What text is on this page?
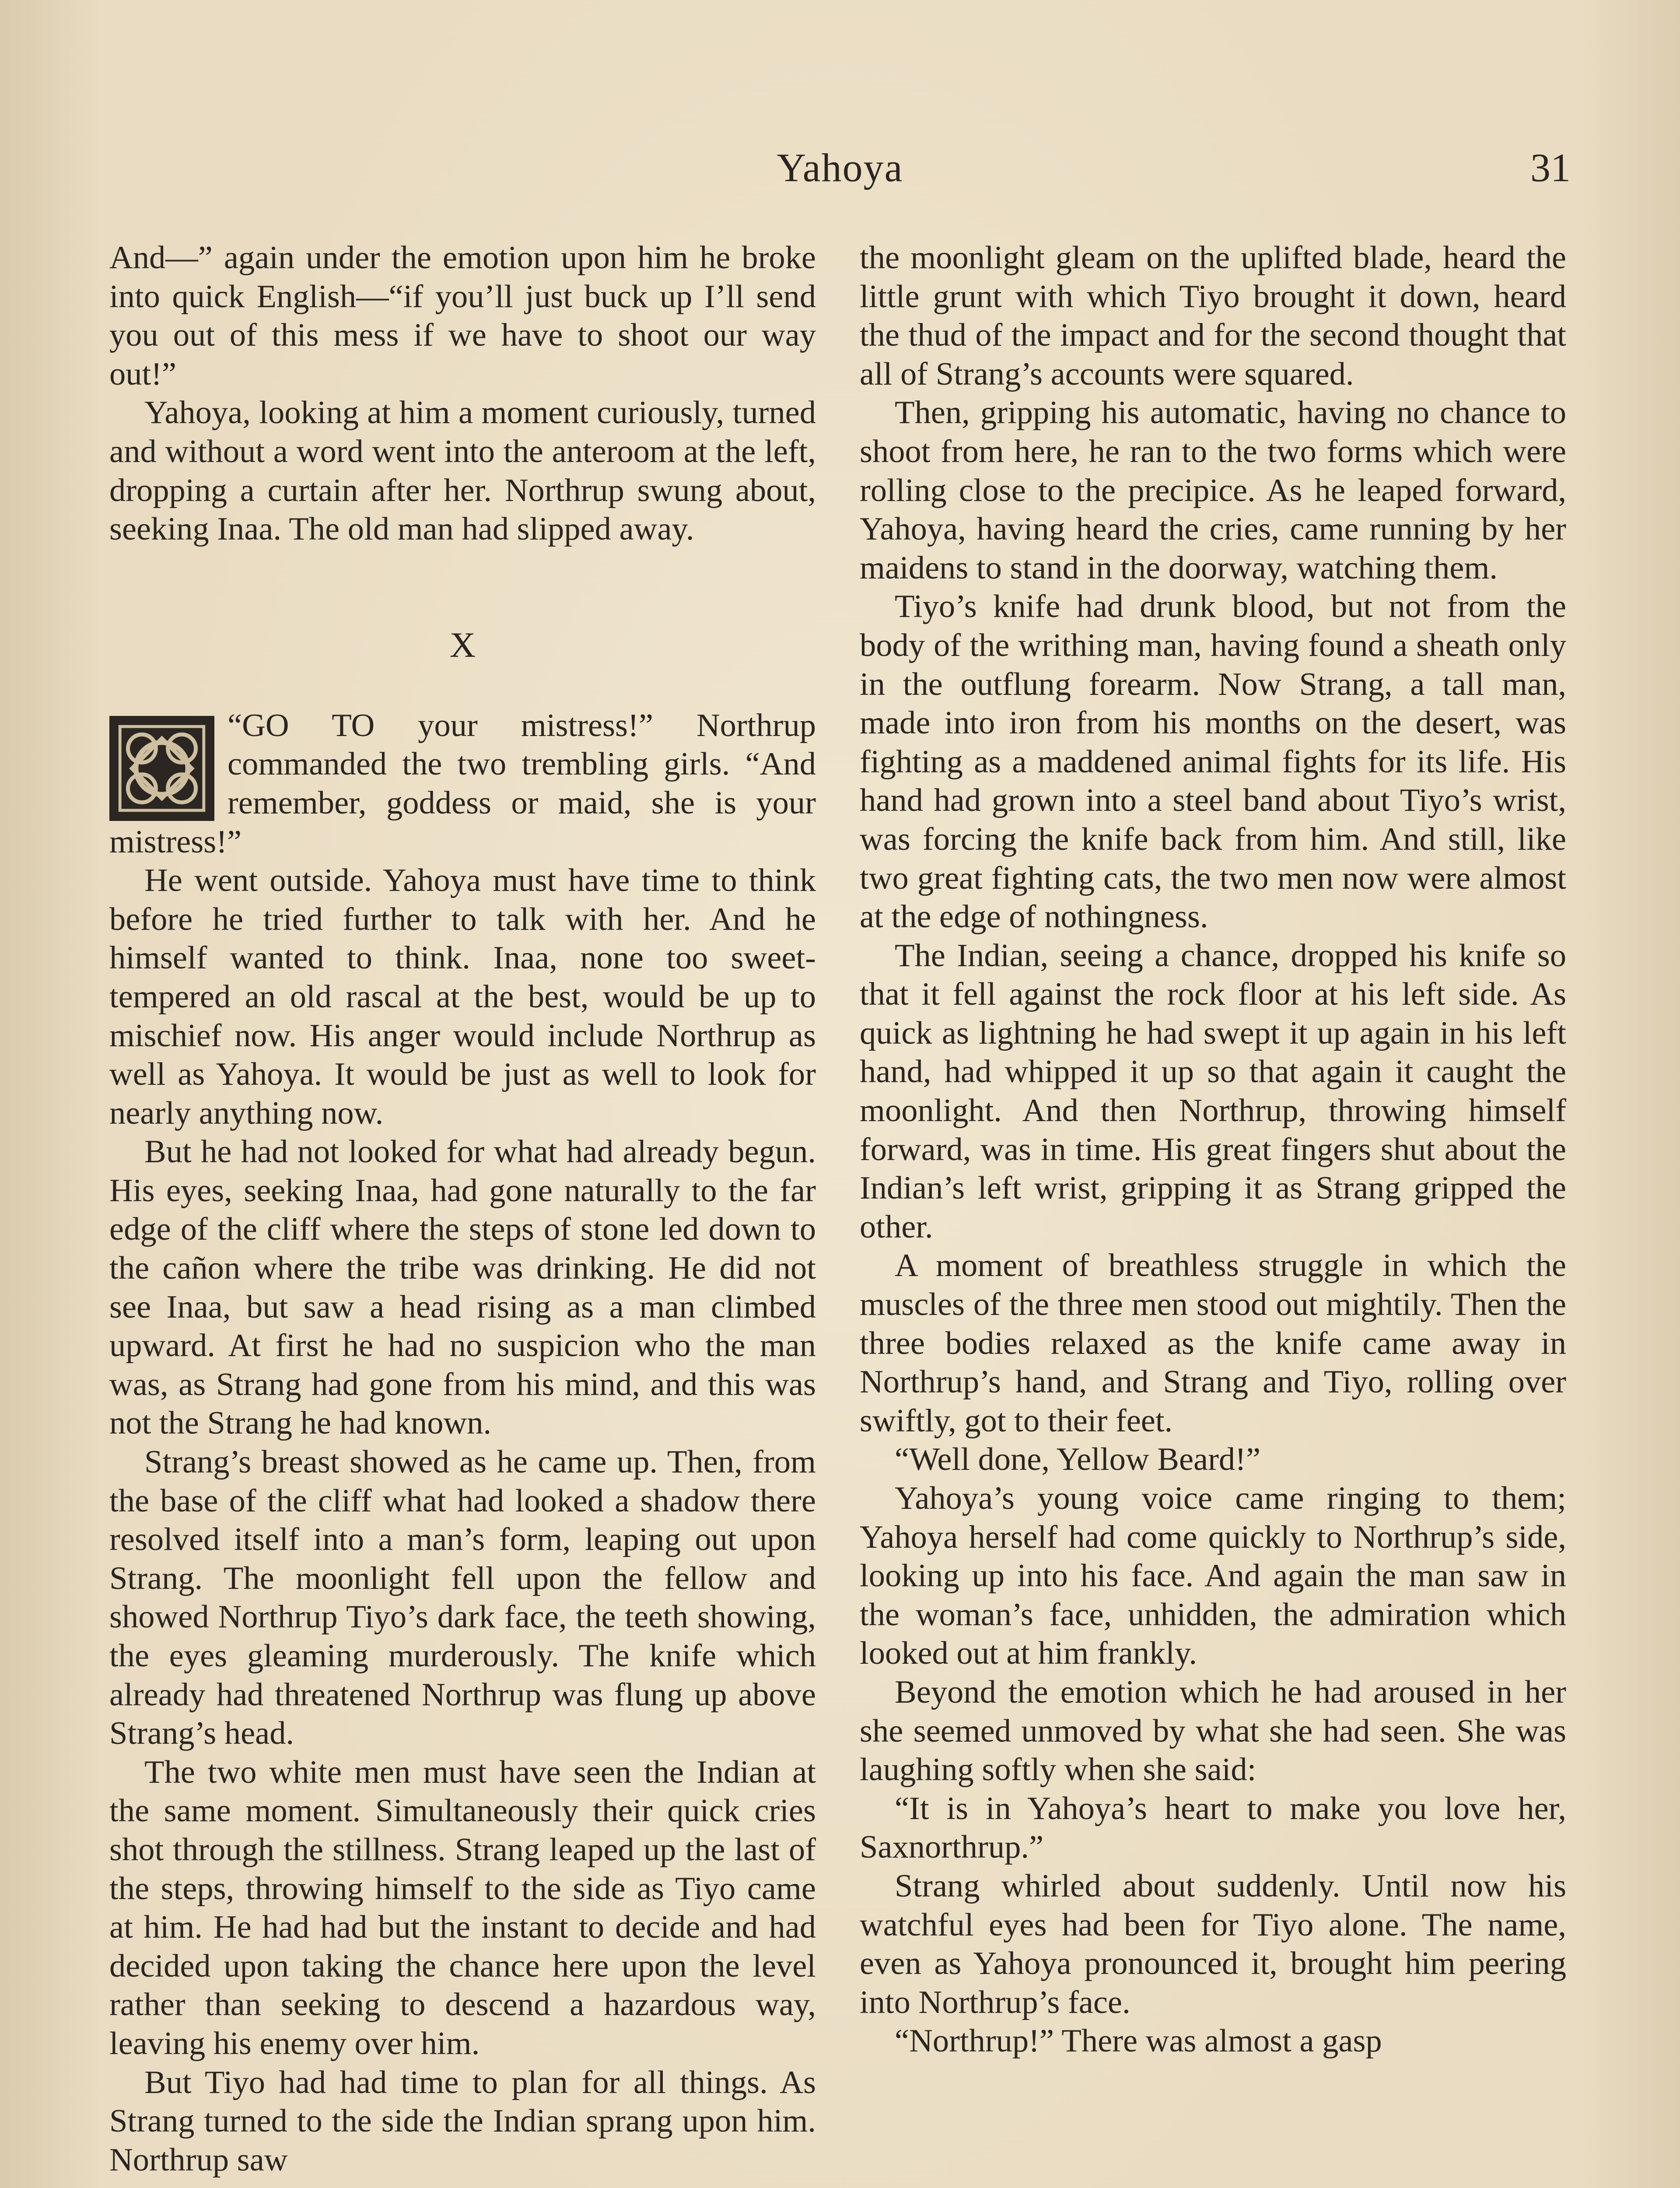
Yahoya	31

And—” again under the emotion upon him he broke into quick English—“if you’ll just buck up I’ll send you out of this mess if we have to shoot our way out!”

Yahoya, looking at him a moment curiously, turned and without a word went into the anteroom at the left, dropping a curtain after her. Northrup swung about, seeking Inaa. The old man had slipped away.

X

“GO TO your mistress!” Northrup commanded the two trembling girls. “And remember, goddess or maid, she is your mistress!”

He went outside. Yahoya must have time to think before he tried further to talk with her. And he himself wanted to think. Inaa, none too sweet-tempered an old rascal at the best, would be up to mischief now. His anger would include Northrup as well as Yahoya. It would be just as well to look for nearly anything now.

But he had not looked for what had already begun. His eyes, seeking Inaa, had gone naturally to the far edge of the cliff where the steps of stone led down to the cañon where the tribe was drinking. He did not see Inaa, but saw a head rising as a man climbed upward. At first he had no suspicion who the man was, as Strang had gone from his mind, and this was not the Strang he had known.

Strang’s breast showed as he came up. Then, from the base of the cliff what had looked a shadow there resolved itself into a man’s form, leaping out upon Strang. The moonlight fell upon the fellow and showed Northrup Tiyo’s dark face, the teeth showing, the eyes gleaming murderously. The knife which already had threatened Northrup was flung up above Strang’s head.

The two white men must have seen the Indian at the same moment. Simultaneously their quick cries shot through the stillness. Strang leaped up the last of the steps, throwing himself to the side as Tiyo came at him. He had had but the instant to decide and had decided upon taking the chance here upon the level rather than seeking to descend a hazardous way, leaving his enemy over him.

But Tiyo had had time to plan for all things. As Strang turned to the side the Indian sprang upon him. Northrup saw

the moonlight gleam on the uplifted blade, heard the little grunt with which Tiyo brought it down, heard the thud of the impact and for the second thought that all of Strang’s accounts were squared.

Then, gripping his automatic, having no chance to shoot from here, he ran to the two forms which were rolling close to the precipice. As he leaped forward, Yahoya, having heard the cries, came running by her maidens to stand in the doorway, watching them.

Tiyo’s knife had drunk blood, but not from the body of the writhing man, having found a sheath only in the outflung forearm. Now Strang, a tall man, made into iron from his months on the desert, was fighting as a maddened animal fights for its life. His hand had grown into a steel band about Tiyo’s wrist, was forcing the knife back from him. And still, like two great fighting cats, the two men now were almost at the edge of nothingness.

The Indian, seeing a chance, dropped his knife so that it fell against the rock floor at his left side. As quick as lightning he had swept it up again in his left hand, had whipped it up so that again it caught the moonlight. And then Northrup, throwing himself forward, was in time. His great fingers shut about the Indian’s left wrist, gripping it as Strang gripped the other.

A moment of breathless struggle in which the muscles of the three men stood out mightily. Then the three bodies relaxed as the knife came away in Northrup’s hand, and Strang and Tiyo, rolling over swiftly, got to their feet.

“Well done, Yellow Beard!”

Yahoya’s young voice came ringing to them; Yahoya herself had come quickly to Northrup’s side, looking up into his face. And again the man saw in the woman’s face, unhidden, the admiration which looked out at him frankly.

Beyond the emotion which he had aroused in her she seemed unmoved by what she had seen. She was laughing softly when she said:

“It is in Yahoya’s heart to make you love her, Saxnorthrup.”

Strang whirled about suddenly. Until now his watchful eyes had been for Tiyo alone. The name, even as Yahoya pronounced it, brought him peering into Northrup’s face.

“Northrup!” There was almost a gasp
